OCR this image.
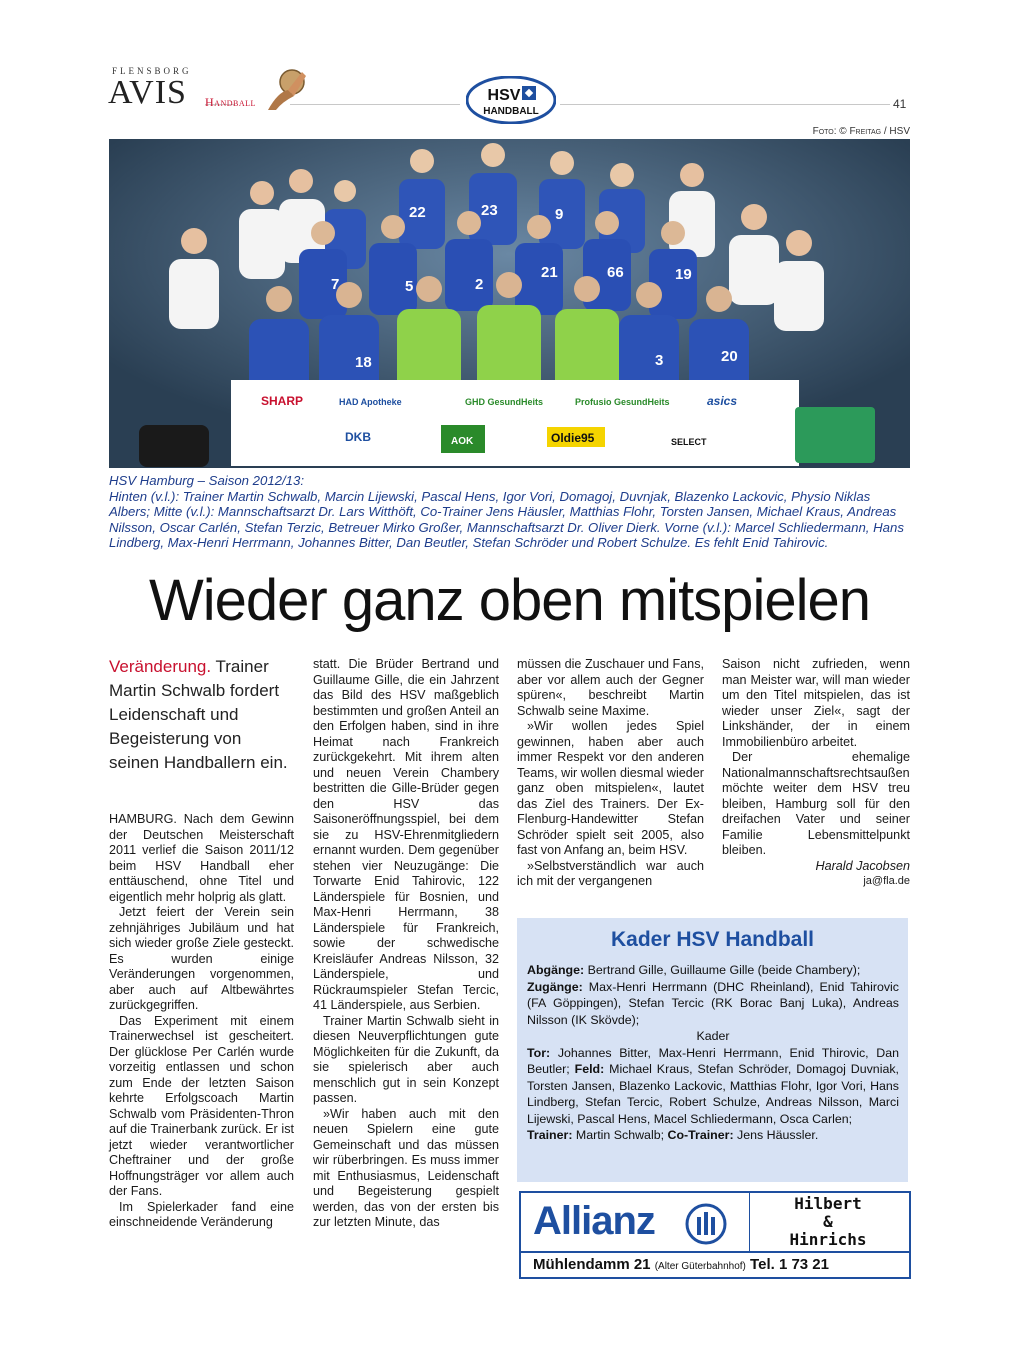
FLENSBORG
AVIS Handball	HSV
HANDBALL
41
Foto: © Freitag / HSV
22	23	9
7	5	2
21	66	19
18	3	20
SHARP	HAD Apotheke	GHD GesundHeits	Profusio GesundHeits	asics
DKB	AOK	Oldie95	SELECT

HSV Hamburg – Saison 2012/13:

Hinten (v.l.): Trainer Martin Schwalb, Marcin Lijewski, Pascal Hens, Igor Vori, Domagoj, Duvnjak, Blazenko Lackovic, Physio Niklas Albers; Mitte (v.l.): Mannschaftsarzt Dr. Lars Witthöft, Co-Trainer Jens Häusler, Matthias Flohr, Torsten Jansen, Michael Kraus, Andreas Nilsson, Oscar Carlén, Stefan Terzic, Betreuer Mirko Großer, Mannschaftsarzt Dr. Oliver Dierk. Vorne (v.l.): Marcel Schliedermann, Hans Lindberg, Max-Henri Herrmann, Johannes Bitter, Dan Beutler, Stefan Schröder und Robert Schulze. Es fehlt Enid Tahirovic.

Wieder ganz oben mitspielen
Veränderung. Trainer Martin Schwalb fordert Leidenschaft und Begeisterung von seinen Handballern ein.

HAMBURG. Nach dem Gewinn der Deutschen Meisterschaft 2011 verlief die Saison 2011/12 beim HSV Handball eher enttäuschend, ohne Titel und eigentlich mehr holprig als glatt.

Jetzt feiert der Verein sein zehnjähriges Jubiläum und hat sich wieder große Ziele gesteckt. Es wurden einige Veränderungen vorgenommen, aber auch auf Altbewährtes zurückgegriffen.

Das Experiment mit einem Trainerwechsel ist gescheitert. Der glücklose Per Carlén wurde vorzeitig entlassen und schon zum Ende der letzten Saison kehrte Erfolgscoach Martin Schwalb vom Präsidenten-Thron auf die Trainerbank zurück. Er ist jetzt wieder verantwortlicher Cheftrainer und der große Hoffnungsträger vor allem auch der Fans.

Im Spielerkader fand eine einschneidende Veränderung

statt. Die Brüder Bertrand und Guillaume Gille, die ein Jahrzent das Bild des HSV maßgeblich bestimmten und großen Anteil an den Erfolgen haben, sind in ihre Heimat nach Frankreich zurückgekehrt. Mit ihrem alten und neuen Verein Chambery bestritten die Gille-Brüder gegen den HSV das Saisoneröffnungsspiel, bei dem sie zu HSV-Ehrenmitgliedern ernannt wurden. Dem gegenüber stehen vier Neuzugänge: Die Torwarte Enid Tahirovic, 122 Länderspiele für Bosnien, und Max-Henri Herrmann, 38 Länderspiele für Frankreich, sowie der schwedische Kreisläufer Andreas Nilsson, 32 Länderspiele, und Rückraumspieler Stefan Tercic, 41 Länderspiele, aus Serbien.

Trainer Martin Schwalb sieht in diesen Neuverpflichtungen gute Möglichkeiten für die Zukunft, da sie spielerisch aber auch menschlich gut in sein Konzept passen.

»Wir haben auch mit den neuen Spielern eine gute Gemeinschaft und das müssen wir rüberbringen. Es muss immer mit Enthusiasmus, Leidenschaft und Begeisterung gespielt werden, das von der ersten bis zur letzten Minute, das

müssen die Zuschauer und Fans, aber vor allem auch der Gegner spüren«, beschreibt Martin Schwalb seine Maxime.

»Wir wollen jedes Spiel gewinnen, haben aber auch immer Respekt vor den anderen Teams, wir wollen diesmal wieder ganz oben mitspielen«, lautet das Ziel des Trainers. Der Ex-Flenburg-Handewitter Stefan Schröder spielt seit 2005, also fast von Anfang an, beim HSV.

»Selbstverständlich war auch ich mit der vergangenen

Saison nicht zufrieden, wenn man Meister war, will man wieder um den Titel mitspielen, das ist wieder unser Ziel«, sagt der Linkshänder, der in einem Immobilienbüro arbeitet.

Der ehemalige Nationalmannschaftsrechtsaußen möchte weiter dem HSV treu bleiben, Hamburg soll für den dreifachen Vater und seiner Familie Lebensmittelpunkt bleiben.

Harald Jacobsen

ja@fla.de

Kader HSV Handball

Abgänge: Bertrand Gille, Guillaume Gille (beide Chambery);

Zugänge: Max-Henri Herrmann (DHC Rheinland), Enid Tahirovic (FA Göppingen), Stefan Tercic (RK Borac Banj Luka), Andreas Nilsson (IK Skövde);

Kader

Tor: Johannes Bitter, Max-Henri Herrmann, Enid Thirovic, Dan Beutler; Feld: Michael Kraus, Stefan Schröder, Domagoj Duvniak, Torsten Jansen, Blazenko Lackovic, Matthias Flohr, Igor Vori, Hans Lindberg, Stefan Tercic, Robert Schulze, Andreas Nilsson, Marci Lijewski, Pascal Hens, Macel Schliedermann, Osca Carlen;

Trainer: Martin Schwalb; Co-Trainer: Jens Häussler.

Allianz	Hilbert
&
Hinrichs
Mühlendamm 21 (Alter Güterbahnhof) Tel. 1 73 21
